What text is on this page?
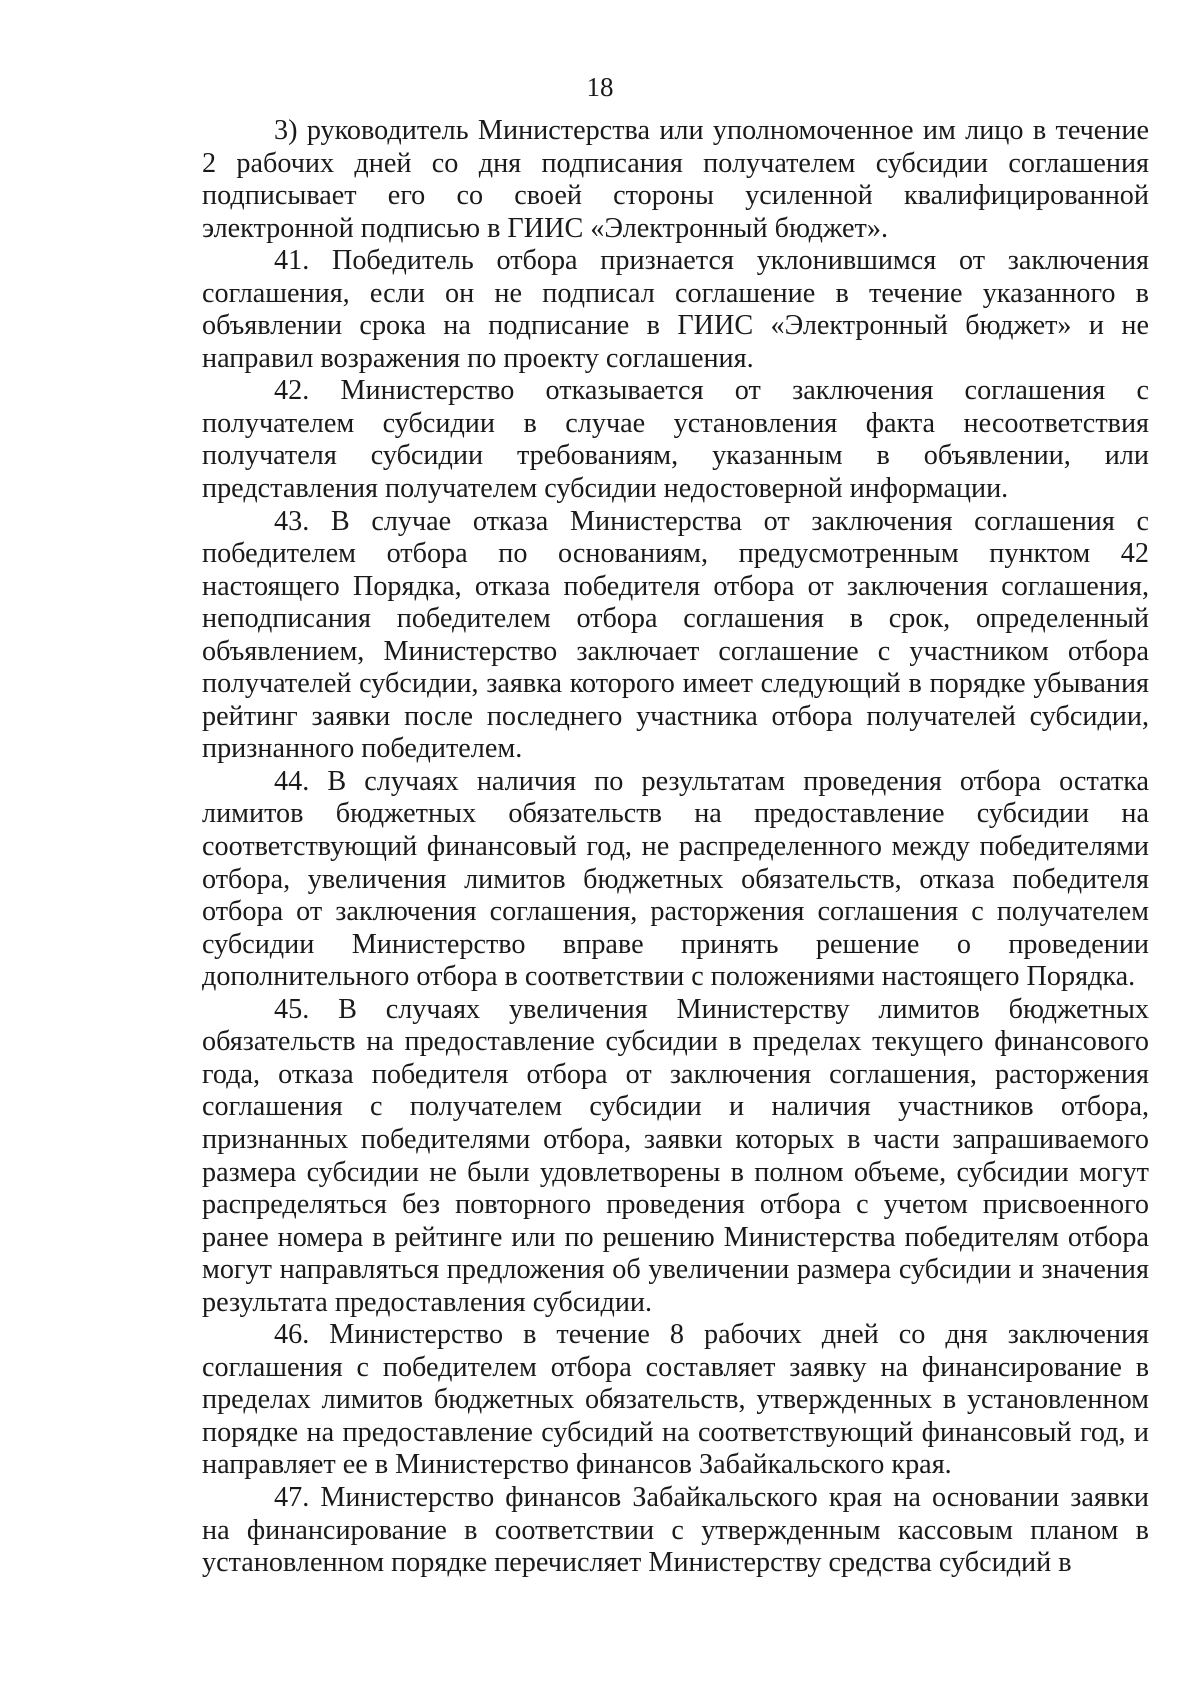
18

3) руководитель Министерства или уполномоченное им лицо в течение 2 рабочих дней со дня подписания получателем субсидии соглашения подписывает его со своей стороны усиленной квалифицированной электронной подписью в ГИИС «Электронный бюджет».

41. Победитель отбора признается уклонившимся от заключения соглашения, если он не подписал соглашение в течение указанного в объявлении срока на подписание в ГИИС «Электронный бюджет» и не направил возражения по проекту соглашения.

42. Министерство отказывается от заключения соглашения с получателем субсидии в случае установления факта несоответствия получателя субсидии требованиям, указанным в объявлении, или представления получателем субсидии недостоверной информации.

43. В случае отказа Министерства от заключения соглашения с победителем отбора по основаниям, предусмотренным пунктом 42 настоящего Порядка, отказа победителя отбора от заключения соглашения, неподписания победителем отбора соглашения в срок, определенный объявлением, Министерство заключает соглашение с участником отбора получателей субсидии, заявка которого имеет следующий в порядке убывания рейтинг заявки после последнего участника отбора получателей субсидии, признанного победителем.

44. В случаях наличия по результатам проведения отбора остатка лимитов бюджетных обязательств на предоставление субсидии на соответствующий финансовый год, не распределенного между победителями отбора, увеличения лимитов бюджетных обязательств, отказа победителя отбора от заключения соглашения, расторжения соглашения с получателем субсидии Министерство вправе принять решение о проведении дополнительного отбора в соответствии с положениями настоящего Порядка.

45. В случаях увеличения Министерству лимитов бюджетных обязательств на предоставление субсидии в пределах текущего финансового года, отказа победителя отбора от заключения соглашения, расторжения соглашения с получателем субсидии и наличия участников отбора, признанных победителями отбора, заявки которых в части запрашиваемого размера субсидии не были удовлетворены в полном объеме, субсидии могут распределяться без повторного проведения отбора с учетом присвоенного ранее номера в рейтинге или по решению Министерства победителям отбора могут направляться предложения об увеличении размера субсидии и значения результата предоставления субсидии.

46. Министерство в течение 8 рабочих дней со дня заключения соглашения с победителем отбора составляет заявку на финансирование в пределах лимитов бюджетных обязательств, утвержденных в установленном порядке на предоставление субсидий на соответствующий финансовый год, и направляет ее в Министерство финансов Забайкальского края.

47. Министерство финансов Забайкальского края на основании заявки на финансирование в соответствии с утвержденным кассовым планом в установленном порядке перечисляет Министерству средства субсидий в
